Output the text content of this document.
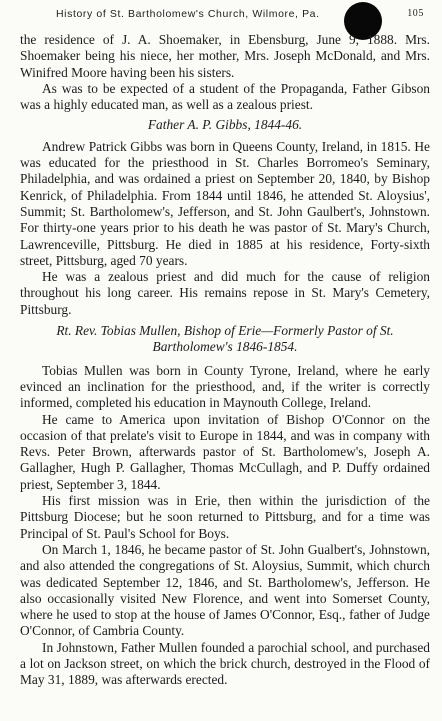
History of St. Bartholomew's Church, Wilmore, Pa.	105

the residence of J. A. Shoemaker, in Ebensburg, June 9, 1888. Mrs. Shoemaker being his niece, her mother, Mrs. Joseph McDonald, and Mrs. Winifred Moore having been his sisters.

As was to be expected of a student of the Propaganda, Father Gibson was a highly educated man, as well as a zealous priest.

Father A. P. Gibbs, 1844-46.

Andrew Patrick Gibbs was born in Queens County, Ireland, in 1815. He was educated for the priesthood in St. Charles Borromeo's Seminary, Philadelphia, and was ordained a priest on September 20, 1840, by Bishop Kenrick, of Philadelphia. From 1844 until 1846, he attended St. Aloysius', Summit; St. Bartholomew's, Jefferson, and St. John Gaulbert's, Johnstown. For thirty-one years prior to his death he was pastor of St. Mary's Church, Lawrenceville, Pittsburg. He died in 1885 at his residence, Forty-sixth street, Pittsburg, aged 70 years.

He was a zealous priest and did much for the cause of religion throughout his long career. His remains repose in St. Mary's Cemetery, Pittsburg.

Rt. Rev. Tobias Mullen, Bishop of Erie—Formerly Pastor of St.
Bartholomew's 1846-1854.

Tobias Mullen was born in County Tyrone, Ireland, where he early evinced an inclination for the priesthood, and, if the writer is correctly informed, completed his education in Maynouth College, Ireland.

He came to America upon invitation of Bishop O'Connor on the occasion of that prelate's visit to Europe in 1844, and was in company with Revs. Peter Brown, afterwards pastor of St. Bartholomew's, Joseph A. Gallagher, Hugh P. Gallagher, Thomas McCullagh, and P. Duffy ordained priest, September 3, 1844.

His first mission was in Erie, then within the jurisdiction of the Pittsburg Diocese; but he soon returned to Pittsburg, and for a time was Principal of St. Paul's School for Boys.

On March 1, 1846, he became pastor of St. John Gualbert's, Johnstown, and also attended the congregations of St. Aloysius, Summit, which church was dedicated September 12, 1846, and St. Bartholomew's, Jefferson. He also occasionally visited New Florence, and went into Somerset County, where he used to stop at the house of James O'Connor, Esq., father of Judge O'Connor, of Cambria County.

In Johnstown, Father Mullen founded a parochial school, and purchased a lot on Jackson street, on which the brick church, destroyed in the Flood of May 31, 1889, was afterwards erected.
